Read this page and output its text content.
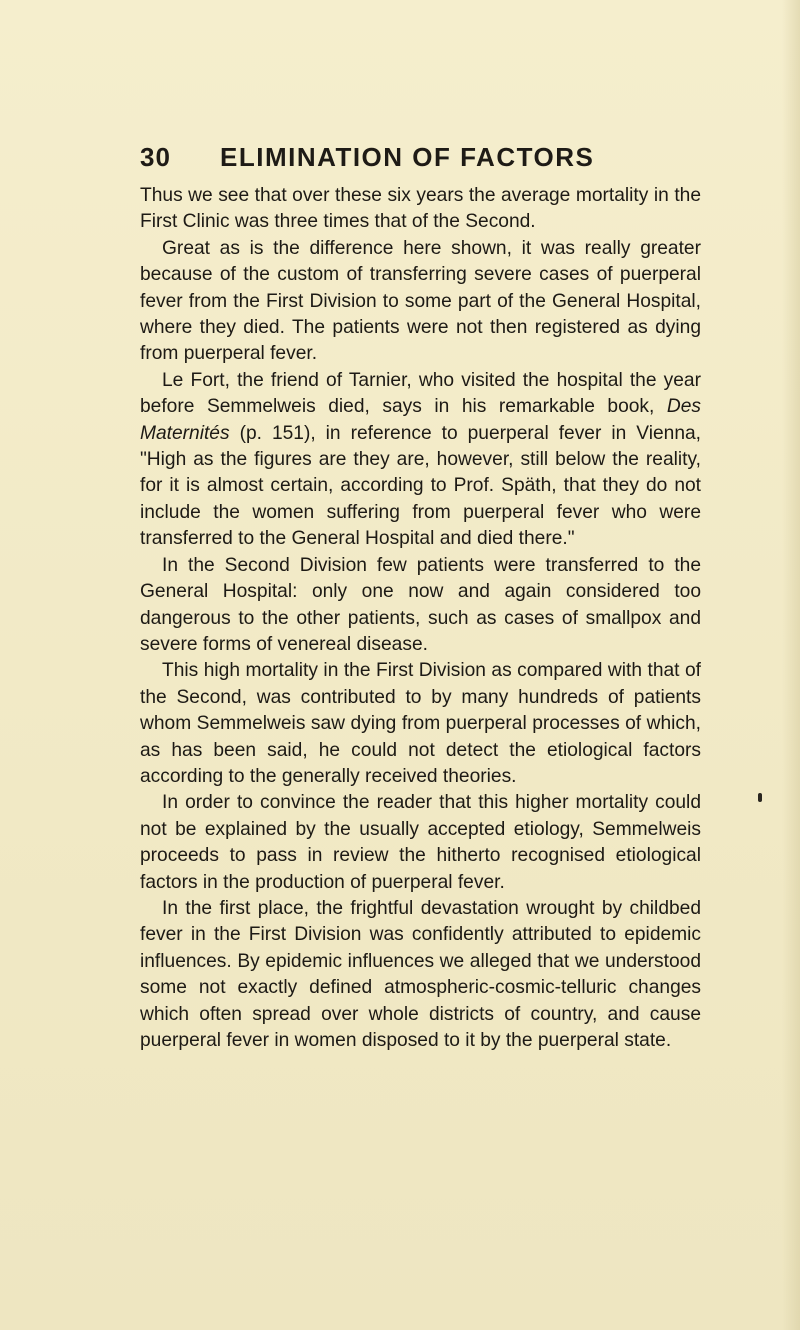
30 ELIMINATION OF FACTORS

Thus we see that over these six years the average mortality in the First Clinic was three times that of the Second.

Great as is the difference here shown, it was really greater because of the custom of transferring severe cases of puerperal fever from the First Division to some part of the General Hospital, where they died. The patients were not then registered as dying from puerperal fever.

Le Fort, the friend of Tarnier, who visited the hospital the year before Semmelweis died, says in his remarkable book, Des Maternités (p. 151), in reference to puerperal fever in Vienna, "High as the figures are they are, however, still below the reality, for it is almost certain, according to Prof. Späth, that they do not include the women suffering from puerperal fever who were transferred to the General Hospital and died there."

In the Second Division few patients were transferred to the General Hospital: only one now and again considered too dangerous to the other patients, such as cases of smallpox and severe forms of venereal disease.

This high mortality in the First Division as compared with that of the Second, was contributed to by many hundreds of patients whom Semmelweis saw dying from puerperal processes of which, as has been said, he could not detect the etiological factors according to the generally received theories.

In order to convince the reader that this higher mortality could not be explained by the usually accepted etiology, Semmelweis proceeds to pass in review the hitherto recognised etiological factors in the production of puerperal fever.

In the first place, the frightful devastation wrought by childbed fever in the First Division was confidently attributed to epidemic influences. By epidemic influences we alleged that we understood some not exactly defined atmospheric-cosmic-telluric changes which often spread over whole districts of country, and cause puerperal fever in women disposed to it by the puerperal state.
